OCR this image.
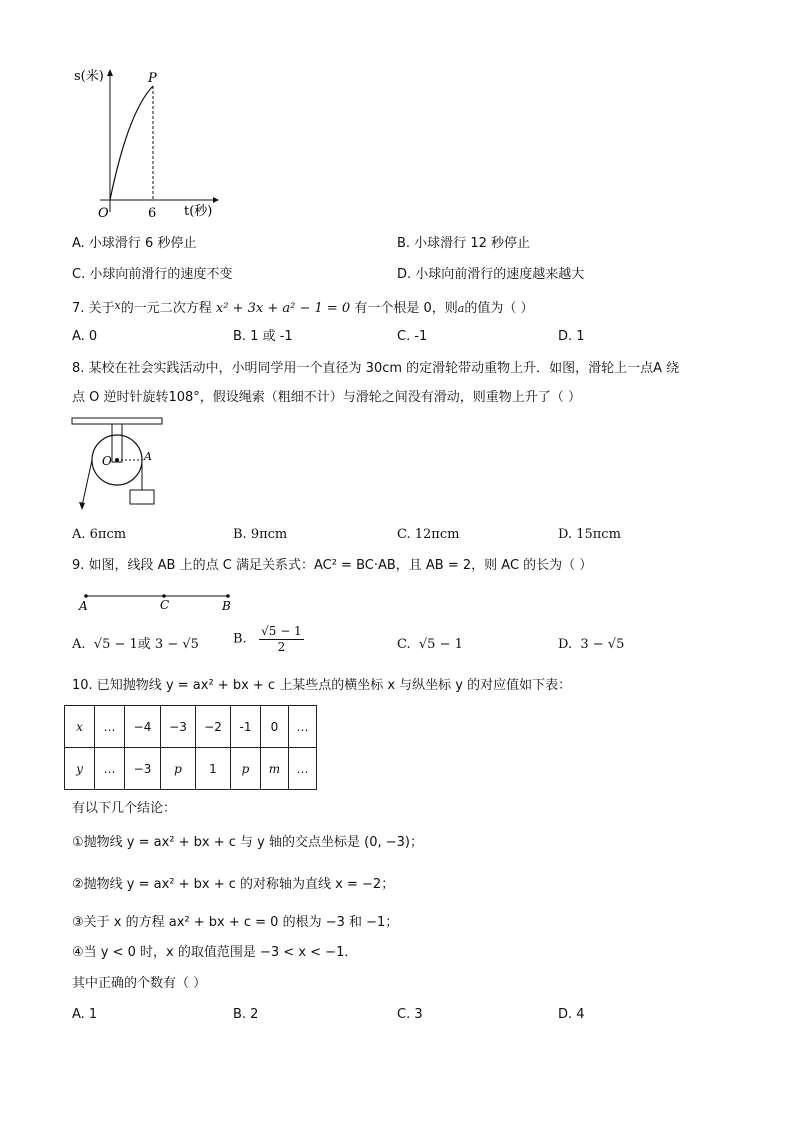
s(米)
t(秒)
O
P
6
A. 小球滑行 6 秒停止	B. 小球滑行 12 秒停止
C. 小球向前滑行的速度不变	D. 小球向前滑行的速度越来越大
7. 关于$^x$的一元二次方程 x² + 3x + a² − 1 = 0 有一个根是 0，则a的值为（ ）
A. 0	B. 1 或 -1	C. -1	D. 1
8. 某校在社会实践活动中，小明同学用一个直径为 30cm 的定滑轮带动重物上升．如图，滑轮上一点A 绕
点 O 逆时针旋转108°，假设绳索（粗细不计）与滑轮之间没有滑动，则重物上升了（ ）
O	A
A. 6πcm	B. 9πcm	C. 12πcm	D. 15πcm
9. 如图，线段 AB 上的点 C 满足关系式：AC² = BC·AB，且 AB = 2，则 AC 的长为（ ）
A	C	B
A. √5 − 1或 3 − √5	B. $\frac{√5 - 1}{2}$	C. √5 − 1	D. 3 − √5
10. 已知抛物线 y = ax² + bx + c 上某些点的横坐标 x 与纵坐标 y 的对应值如下表：
x	…	−4	−3	−2	-1	0	…
y	…	−3	p	1	p	m	…
有以下几个结论：
①抛物线 y = ax² + bx + c 与 y 轴的交点坐标是 (0, −3)；
②抛物线 y = ax² + bx + c 的对称轴为直线 x = −2；
③关于 x 的方程 ax² + bx + c = 0 的根为 −3 和 −1；
④当 y < 0 时，x 的取值范围是 −3 < x < −1．
其中正确的个数有（ ）
A. 1	B. 2	C. 3	D. 4
